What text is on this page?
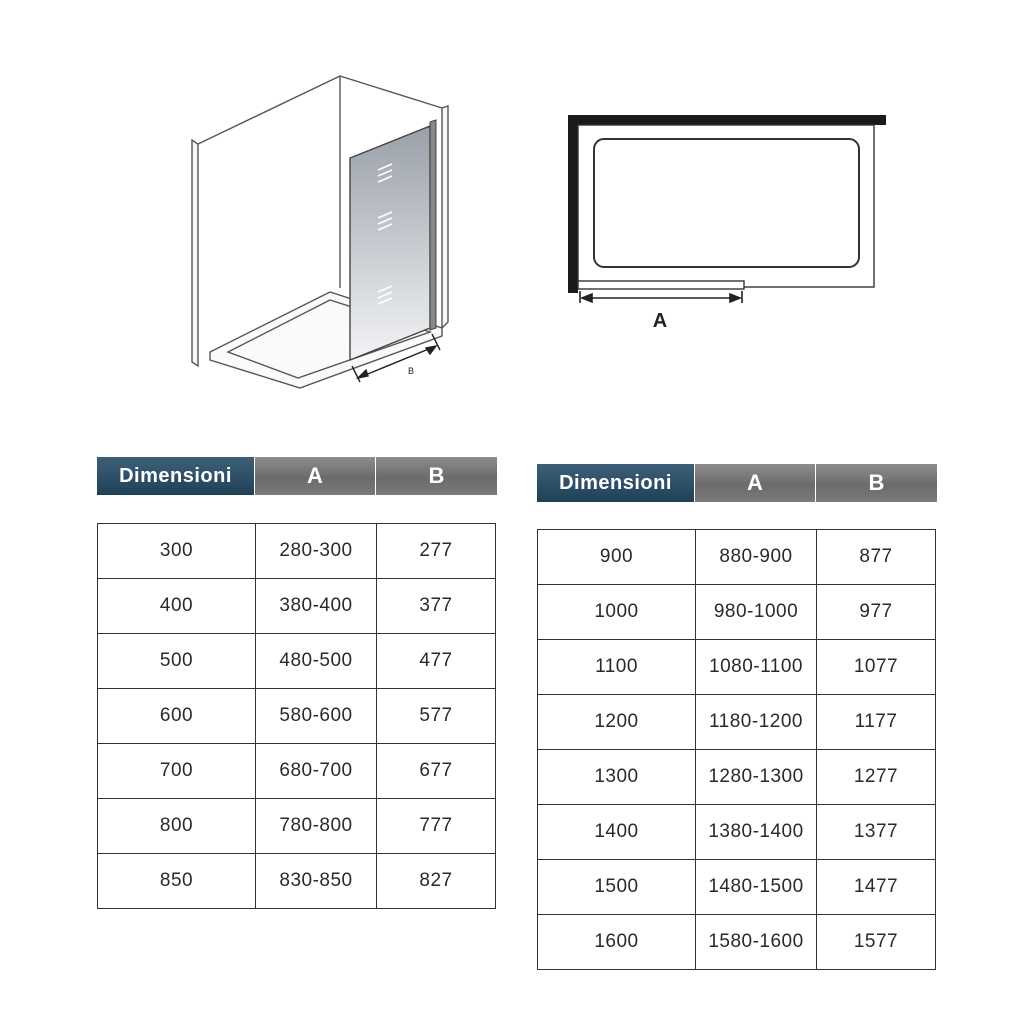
B
A
Dimensioni	A	B
300	280-300	277
400	380-400	377
500	480-500	477
600	580-600	577
700	680-700	677
800	780-800	777
850	830-850	827
Dimensioni	A	B
900	880-900	877
1000	980-1000	977
1100	1080-1100	1077
1200	1180-1200	1177
1300	1280-1300	1277
1400	1380-1400	1377
1500	1480-1500	1477
1600	1580-1600	1577
